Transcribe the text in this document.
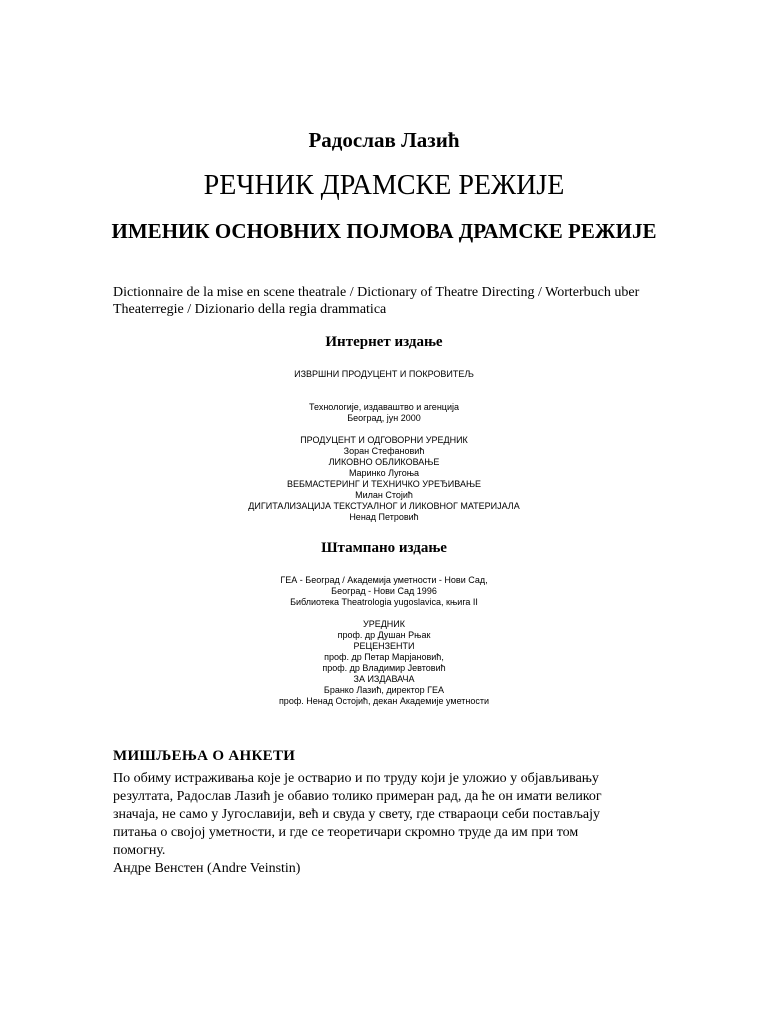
Радослав Лазић
РЕЧНИК ДРАМСКЕ РЕЖИЈЕ
ИМЕНИК ОСНОВНИХ ПОЈМОВА ДРАМСКЕ РЕЖИЈЕ
Dictionnaire de la mise en scene theatrale / Dictionary of Theatre Directing / Worterbuch uber Theaterregie / Dizionario della regia drammatica
Интернет издање
ИЗВРШНИ ПРОДУЦЕНТ И ПОКРОВИТЕЉ
Технологије, издаваштво и агенција
Београд, јун 2000
ПРОДУЦЕНТ И ОДГОВОРНИ УРЕДНИК
Зоран Стефановић
ЛИКОВНО ОБЛИКОВАЊЕ
Маринко Лугоња
ВЕБМАСТЕРИНГ И ТЕХНИЧКО УРЕЂИВАЊЕ
Милан Стојић
ДИГИТАЛИЗАЦИЈА ТЕКСТУАЛНОГ И ЛИКОВНОГ МАТЕРИЈАЛА
Ненад Петровић
Штампано издање
ГЕА - Београд / Академија уметности - Нови Сад,
Београд - Нови Сад 1996
Библиотека Theatrologia yugoslavica, књига II
УРЕДНИК
проф. др Душан Рњак
РЕЦЕНЗЕНТИ
проф. др Петар Марјановић,
проф. др Владимир Јевтовић
ЗА ИЗДАВАЧА
Бранко Лазић, директор ГЕА
проф. Ненад Остојић, декан Академије уметности
МИШЉЕЊА О АНКЕТИ
По обиму истраживања које је остварио и по труду који је уложио у објављивању
резултата, Радослав Лазић је обавио толико примеран рад, да ће он имати великог
значаја, не само у Југославији, већ и свуда у свету, где ствараоци себи постављају
питања о својој уметности, и где се теоретичари скромно труде да им при том
помогну.
Андре Венстен (Andre Veinstin)
